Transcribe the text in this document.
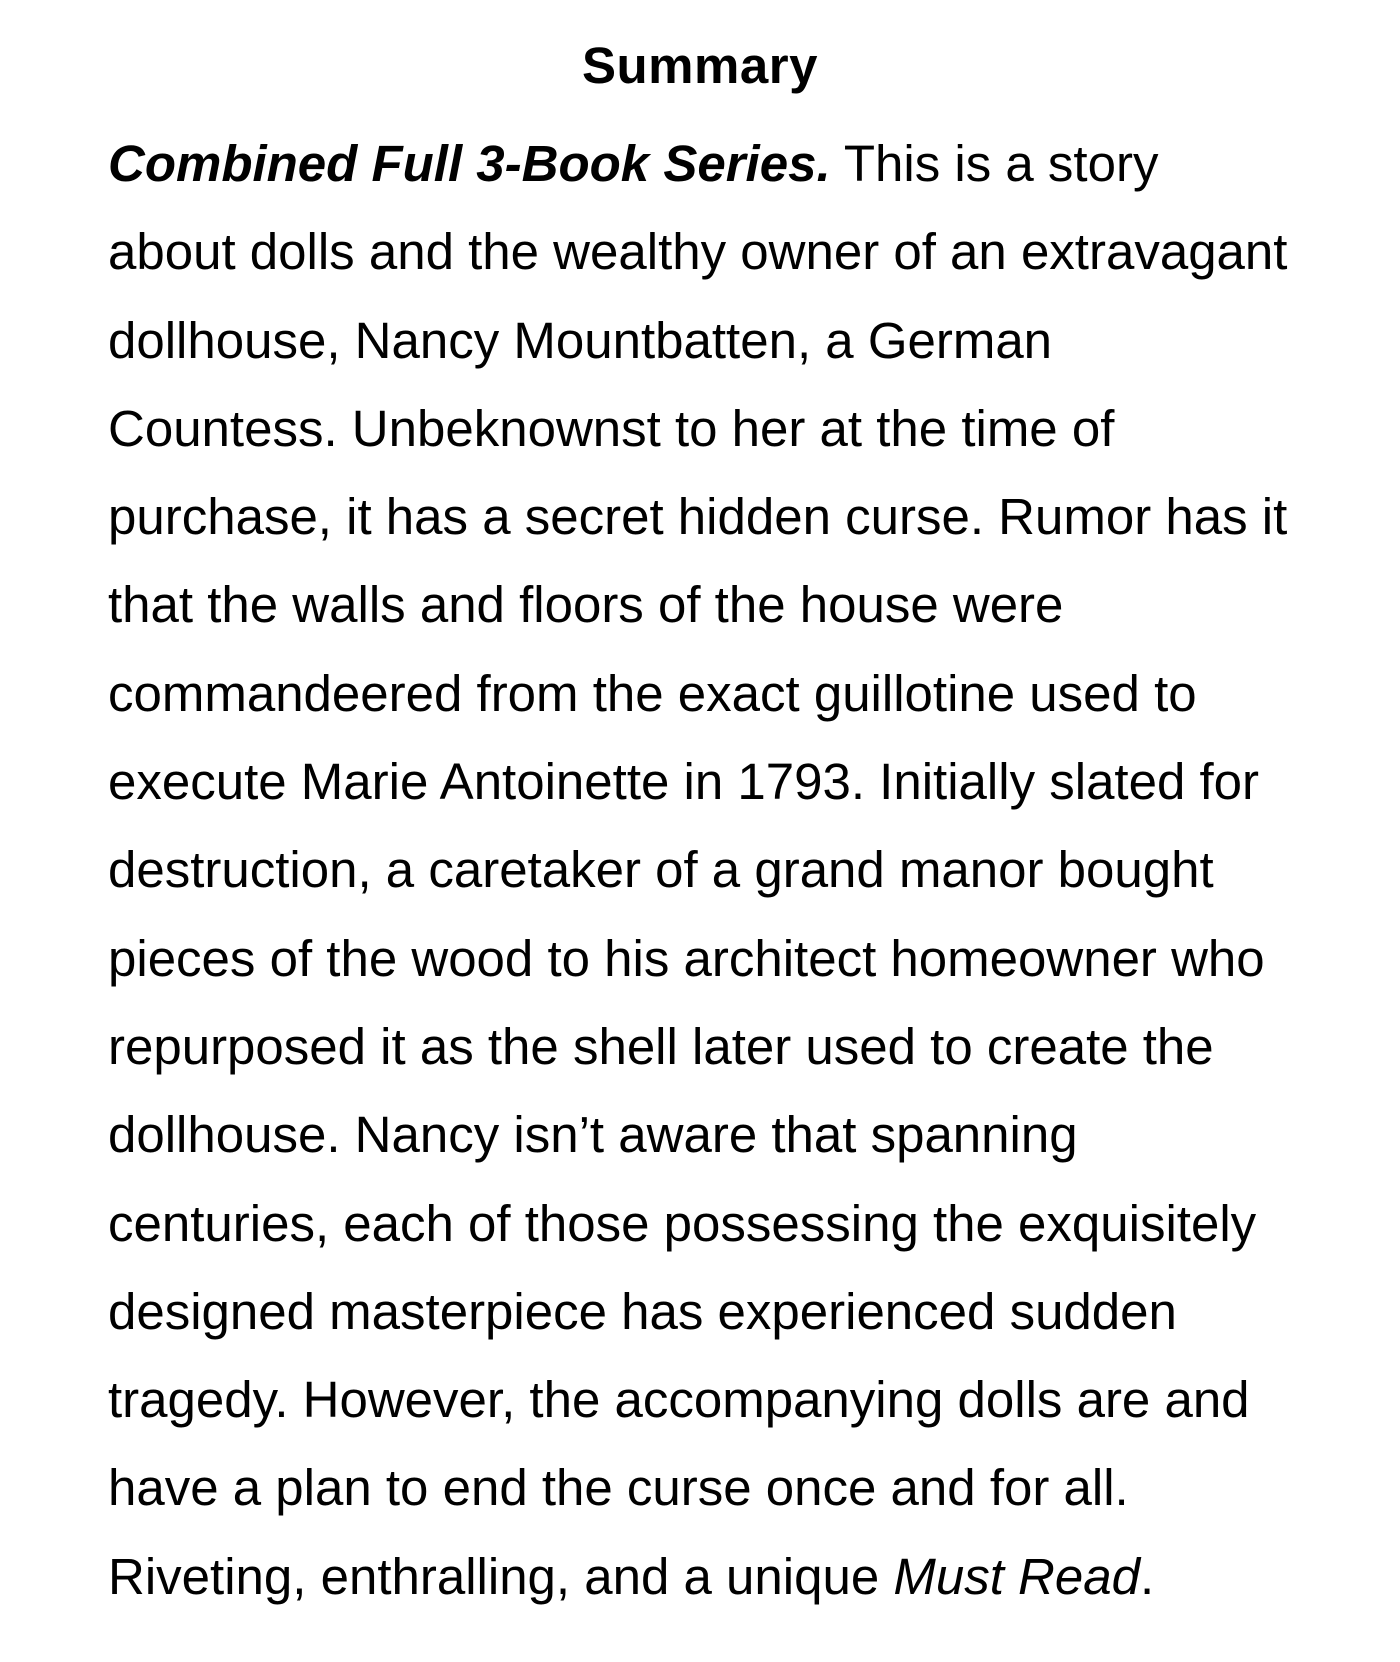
Summary
Combined Full 3-Book Series. This is a story
about dolls and the wealthy owner of an extravagant
dollhouse, Nancy Mountbatten, a German
Countess. Unbeknownst to her at the time of
purchase, it has a secret hidden curse. Rumor has it
that the walls and floors of the house were
commandeered from the exact guillotine used to
execute Marie Antoinette in 1793. Initially slated for
destruction, a caretaker of a grand manor bought
pieces of the wood to his architect homeowner who
repurposed it as the shell later used to create the
dollhouse. Nancy isn’t aware that spanning
centuries, each of those possessing the exquisitely
designed masterpiece has experienced sudden
tragedy. However, the accompanying dolls are and
have a plan to end the curse once and for all.
Riveting, enthralling, and a unique Must Read.
